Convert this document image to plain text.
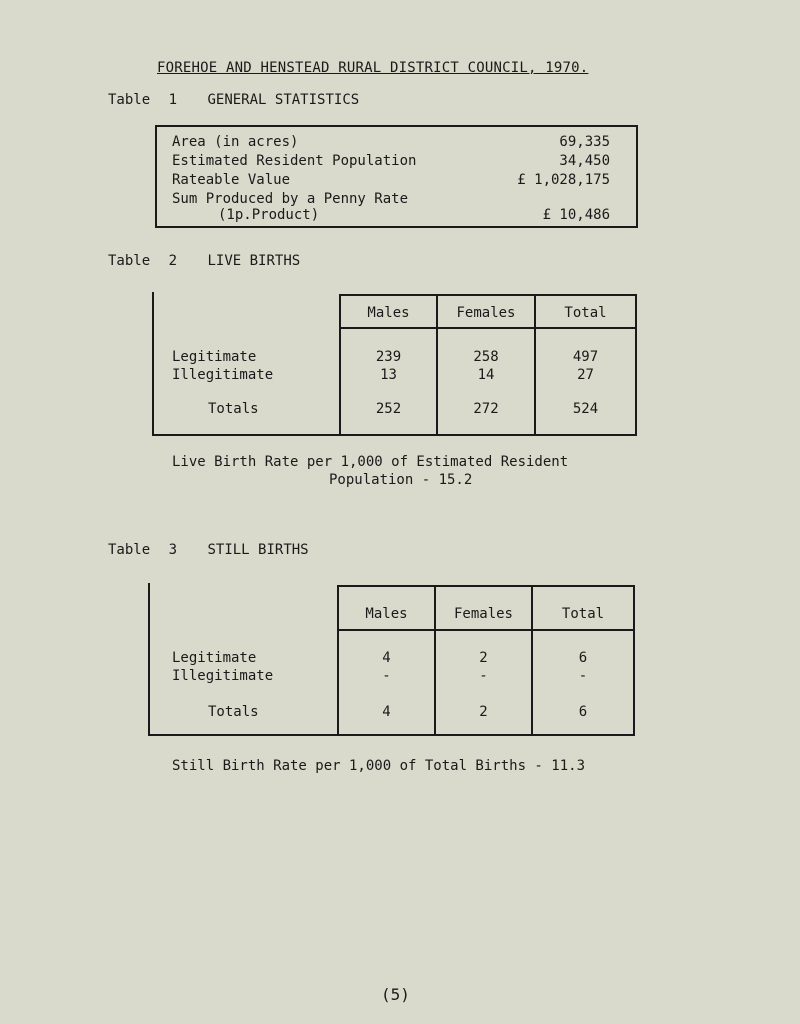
FOREHOE AND HENSTEAD RURAL DISTRICT COUNCIL, 1970.
Table 1 GENERAL STATISTICS
Area (in acres)	69,335
Estimated Resident Population	34,450
Rateable Value	£ 1,028,175
Sum Produced by a Penny Rate
(1p.Product)	£ 10,486
Table 2 LIVE BIRTHS
Males	Females	Total
Legitimate	239	258	497
Illegitimate	13	14	27
Totals	252	272	524
Live Birth Rate per 1,000 of Estimated Resident
Population - 15.2
Table 3 STILL BIRTHS
Males	Females	Total
Legitimate	4	2	6
Illegitimate	-	-	-
Totals	4	2	6
Still Birth Rate per 1,000 of Total Births - 11.3
(5)
